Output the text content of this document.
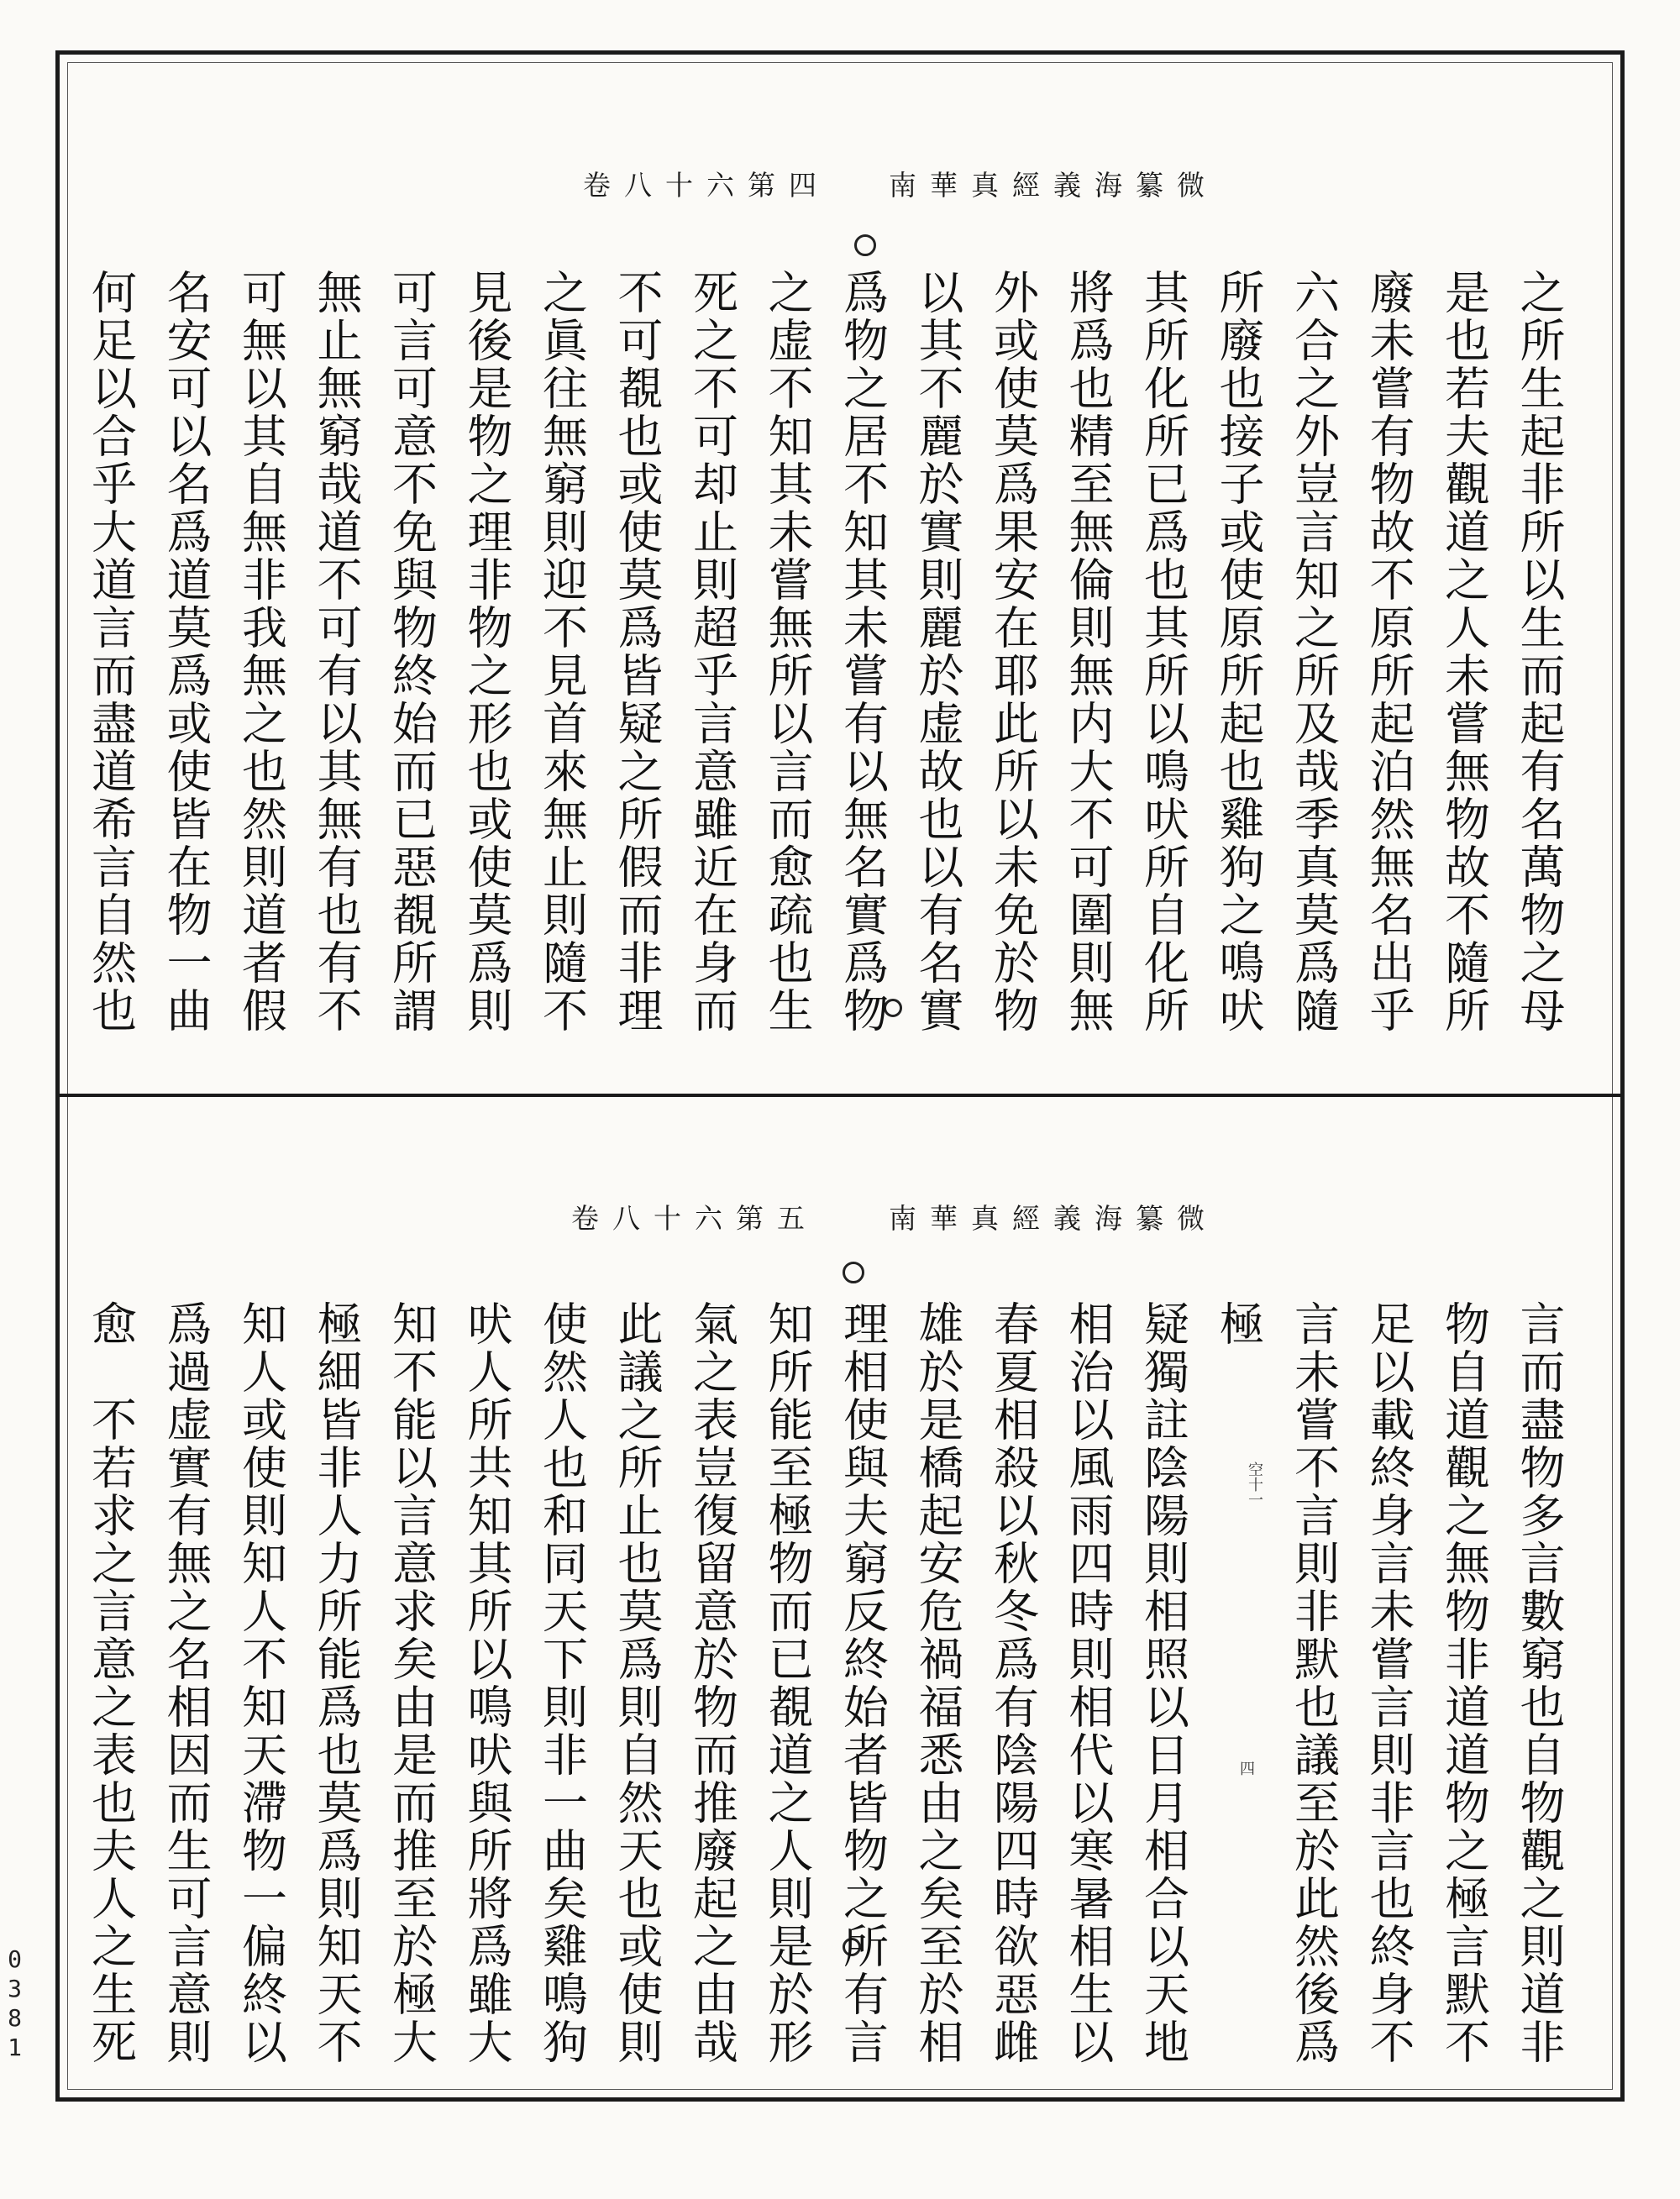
南華真經義海纂微
卷八十六第四
之所生起非所以生而起有名萬物之母
是也若夫觀道之人未嘗無物故不隨所
廢未嘗有物故不原所起泊然無名出乎
六合之外豈言知之所及哉季真莫爲隨
所廢也接子或使原所起也雞狗之鳴吠
其所化所已爲也其所以鳴吠所自化所
將爲也精至無倫則無内大不可圍則無
外或使莫爲果安在耶此所以未免於物
以其不麗於實則麗於虚故也以有名實
爲物之居不知其未嘗有以無名實爲物
之虚不知其未嘗無所以言而愈疏也生
死之不可却止則超乎言意雖近在身而
不可覩也或使莫爲皆疑之所假而非理
之眞往無窮則迎不見首來無止則隨不
見後是物之理非物之形也或使莫爲則
可言可意不免與物終始而已惡覩所謂
無止無窮哉道不可有以其無有也有不
可無以其自無非我無之也然則道者假
名安可以名爲道莫爲或使皆在物一曲
何足以合乎大道言而盡道希言自然也
南華真經義海纂微
卷八十六第五
空十一
四	言而盡物多言數窮也自物觀之則道非
物自道觀之無物非道道物之極言默不
足以載終身言未嘗言則非言也終身不
言未嘗不言則非默也議至於此然後爲
極
疑獨註陰陽則相照以日月相合以天地
相治以風雨四時則相代以寒暑相生以
春夏相殺以秋冬爲有陰陽四時欲惡雌
雄於是橋起安危禍福悉由之矣至於相
理相使與夫窮反終始者皆物之所有言
知所能至極物而已覩道之人則是於形
氣之表豈復留意於物而推廢起之由哉
此議之所止也莫爲則自然天也或使則
使然人也和同天下則非一曲矣雞鳴狗
吠人所共知其所以鳴吠與所將爲雖大
知不能以言意求矣由是而推至於極大
極細皆非人力所能爲也莫爲則知天不
知人或使則知人不知天滯物一偏終以
爲過虚實有無之名相因而生可言意則
愈　不若求之言意之表也夫人之生死
0381
